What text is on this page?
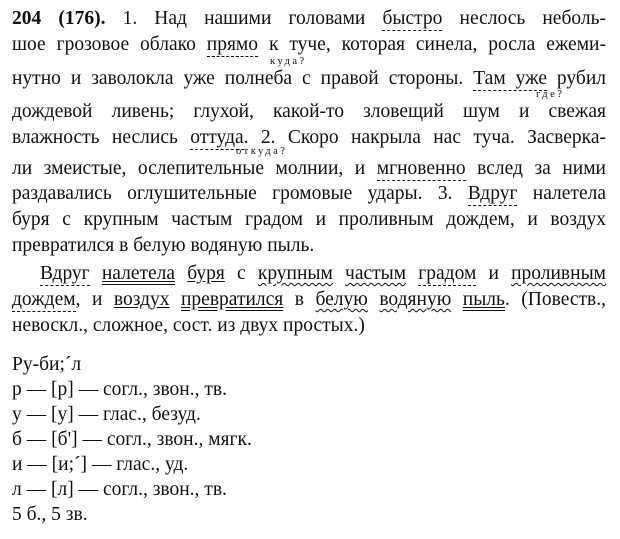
204 (176). 1. Над нашими головами быстро неслось неболь-
шое грозовое облако прямо к туче, которая синела, росла ежеми-
куда?
нутно и заволокла уже полнеба с правой стороны. Там уже рубил
где?
дождевой ливень; глухой, какой-то зловещий шум и свежая
влажность неслись оттуда. 2. Скоро накрыла нас туча. Засверка-
откуда?
ли змеистые, ослепительные молнии, и мгновенно вслед за ними
раздавались оглушительные громовые удары. 3. Вдруг налетела
буря с крупным частым градом и проливным дождем, и воздух
превратился в белую водяную пыль.
Вдруг налетела буря с крупным частым градом и проливным
дождем, и воздух превратился в белую водяную пыль. (Повеств.,
невоскл., сложное, сост. из двух простых.)
Ру-би;´л
р — [р] — согл., звон., тв.
у — [у] — глас., безуд.
б — [б'] — согл., звон., мягк.
и — [и;´] — глас., уд.
л — [л] — согл., звон., тв.
5 б., 5 зв.
